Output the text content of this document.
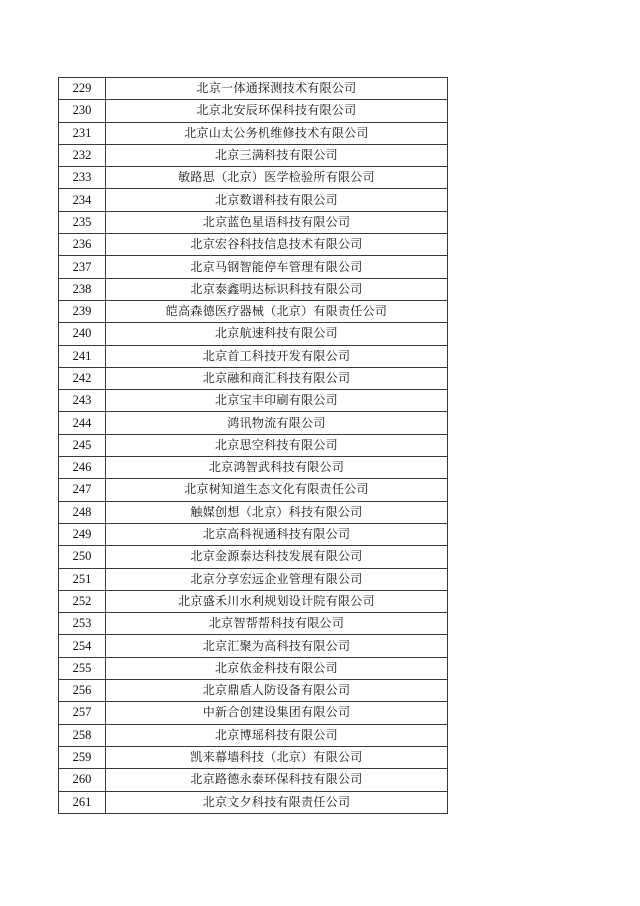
229	北京一体通探测技术有限公司
230	北京北安辰环保科技有限公司
231	北京山太公务机维修技术有限公司
232	北京三满科技有限公司
233	敏路思（北京）医学检验所有限公司
234	北京数谱科技有限公司
235	北京蓝色星语科技有限公司
236	北京宏谷科技信息技术有限公司
237	北京马钢智能停车管理有限公司
238	北京泰鑫明达标识科技有限公司
239	皑高森德医疗器械（北京）有限责任公司
240	北京航速科技有限公司
241	北京首工科技开发有限公司
242	北京融和商汇科技有限公司
243	北京宝丰印刷有限公司
244	鸿讯物流有限公司
245	北京思空科技有限公司
246	北京鸿智武科技有限公司
247	北京树知道生态文化有限责任公司
248	触媒创想（北京）科技有限公司
249	北京高科视通科技有限公司
250	北京金源泰达科技发展有限公司
251	北京分享宏远企业管理有限公司
252	北京盛禾川水利规划设计院有限公司
253	北京智帮帮科技有限公司
254	北京汇聚为高科技有限公司
255	北京依金科技有限公司
256	北京鼎盾人防设备有限公司
257	中新合创建设集团有限公司
258	北京博瑶科技有限公司
259	凯来幕墙科技（北京）有限公司
260	北京路德永泰环保科技有限公司
261	北京文夕科技有限责任公司
